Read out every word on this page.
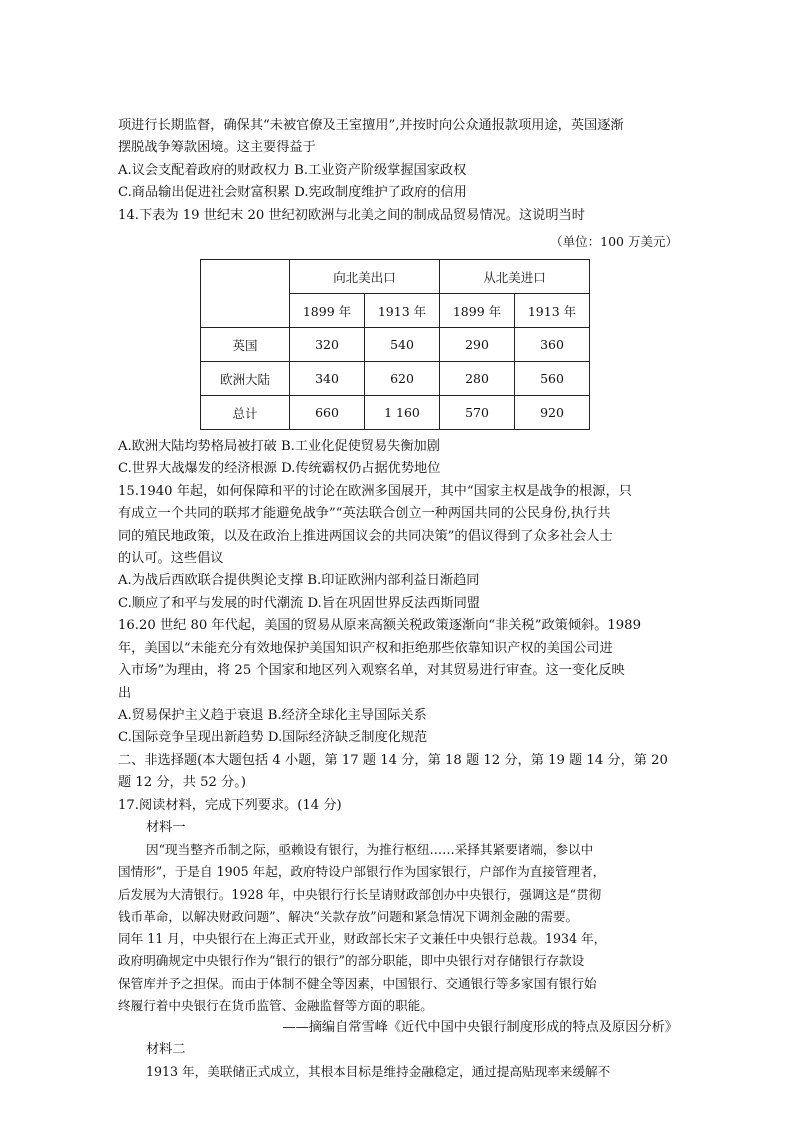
项进行长期监督，确保其“未被官僚及王室擅用”,并按时向公众通报款项用途，英国逐渐

摆脱战争筹款困境。这主要得益于

A.议会支配着政府的财政权力 B.工业资产阶级掌握国家政权

C.商品输出促进社会财富积累 D.宪政制度维护了政府的信用

14.下表为 19 世纪末 20 世纪初欧洲与北美之间的制成品贸易情况。这说明当时

（单位：100 万美元）

	向北美出口		从北美进口	
	1899 年	1913 年	1899 年	1913 年
英国	320	540	290	360
欧洲大陆	340	620	280	560
总计	660	1 160	570	920

A.欧洲大陆均势格局被打破 B.工业化促使贸易失衡加剧

C.世界大战爆发的经济根源 D.传统霸权仍占据优势地位

15.1940 年起，如何保障和平的讨论在欧洲多国展开，其中“国家主权是战争的根源，只

有成立一个共同的联邦才能避免战争”“英法联合创立一种两国共同的公民身份,执行共

同的殖民地政策，以及在政治上推进两国议会的共同决策”的倡议得到了众多社会人士

的认可。这些倡议

A.为战后西欧联合提供舆论支撑 B.印证欧洲内部利益日渐趋同

C.顺应了和平与发展的时代潮流 D.旨在巩固世界反法西斯同盟

16.20 世纪 80 年代起，美国的贸易从原来高额关税政策逐渐向“非关税”政策倾斜。1989

年，美国以“未能充分有效地保护美国知识产权和拒绝那些依靠知识产权的美国公司进

入市场”为理由，将 25 个国家和地区列入观察名单，对其贸易进行审查。这一变化反映

出

A.贸易保护主义趋于衰退 B.经济全球化主导国际关系

C.国际竞争呈现出新趋势 D.国际经济缺乏制度化规范

二、非选择题(本大题包括 4 小题，第 17 题 14 分，第 18 题 12 分，第 19 题 14 分，第 20

题 12 分，共 52 分。)

17.阅读材料，完成下列要求。(14 分)

材料一

因“现当整齐币制之际，亟赖设有银行，为推行枢纽……采择其紧要诸端，参以中

国情形”，于是自 1905 年起，政府特设户部银行作为国家银行，户部作为直接管理者，

后发展为大清银行。1928 年，中央银行行长呈请财政部创办中央银行，强调这是“贯彻

钱币革命，以解决财政问题”、解决“关款存放”问题和紧急情况下调剂金融的需要。

同年 11 月，中央银行在上海正式开业，财政部长宋子文兼任中央银行总裁。1934 年，

政府明确规定中央银行作为“银行的银行”的部分职能，即中央银行对存储银行存款设

保管库并予之担保。而由于体制不健全等因素，中国银行、交通银行等多家国有银行始

终履行着中央银行在货币监管、金融监督等方面的职能。

——摘编自常雪峰《近代中国中央银行制度形成的特点及原因分析》

材料二

1913 年，美联储正式成立，其根本目标是维持金融稳定，通过提高贴现率来缓解不
